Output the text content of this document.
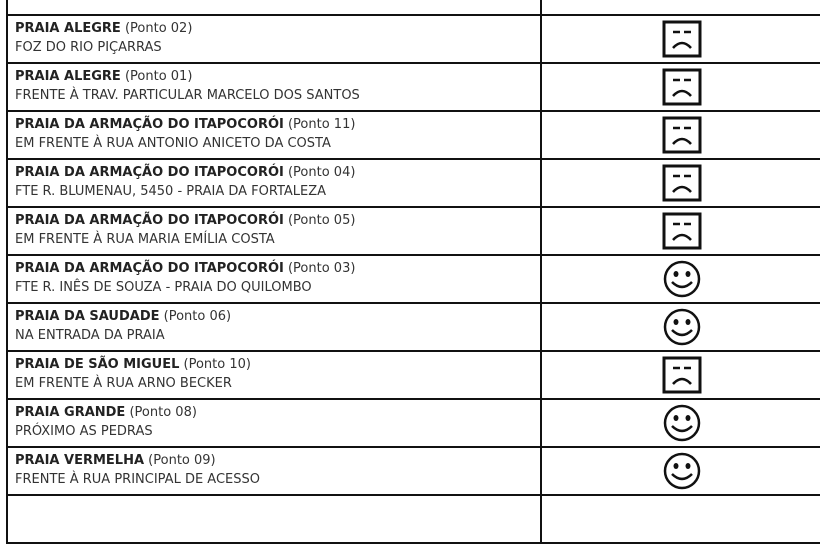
PRAIA ALEGRE (Ponto 02)
FOZ DO RIO PIÇARRAS
PRAIA ALEGRE (Ponto 01)
FRENTE À TRAV. PARTICULAR MARCELO DOS SANTOS
PRAIA DA ARMAÇÃO DO ITAPOCORÓI (Ponto 11)
EM FRENTE À RUA ANTONIO ANICETO DA COSTA
PRAIA DA ARMAÇÃO DO ITAPOCORÓI (Ponto 04)
FTE R. BLUMENAU, 5450 - PRAIA DA FORTALEZA
PRAIA DA ARMAÇÃO DO ITAPOCORÓI (Ponto 05)
EM FRENTE À RUA MARIA EMÍLIA COSTA
PRAIA DA ARMAÇÃO DO ITAPOCORÓI (Ponto 03)
FTE R. INÊS DE SOUZA - PRAIA DO QUILOMBO
PRAIA DA SAUDADE (Ponto 06)
NA ENTRADA DA PRAIA
PRAIA DE SÃO MIGUEL (Ponto 10)
EM FRENTE À RUA ARNO BECKER
PRAIA GRANDE (Ponto 08)
PRÓXIMO AS PEDRAS
PRAIA VERMELHA (Ponto 09)
FRENTE À RUA PRINCIPAL DE ACESSO
